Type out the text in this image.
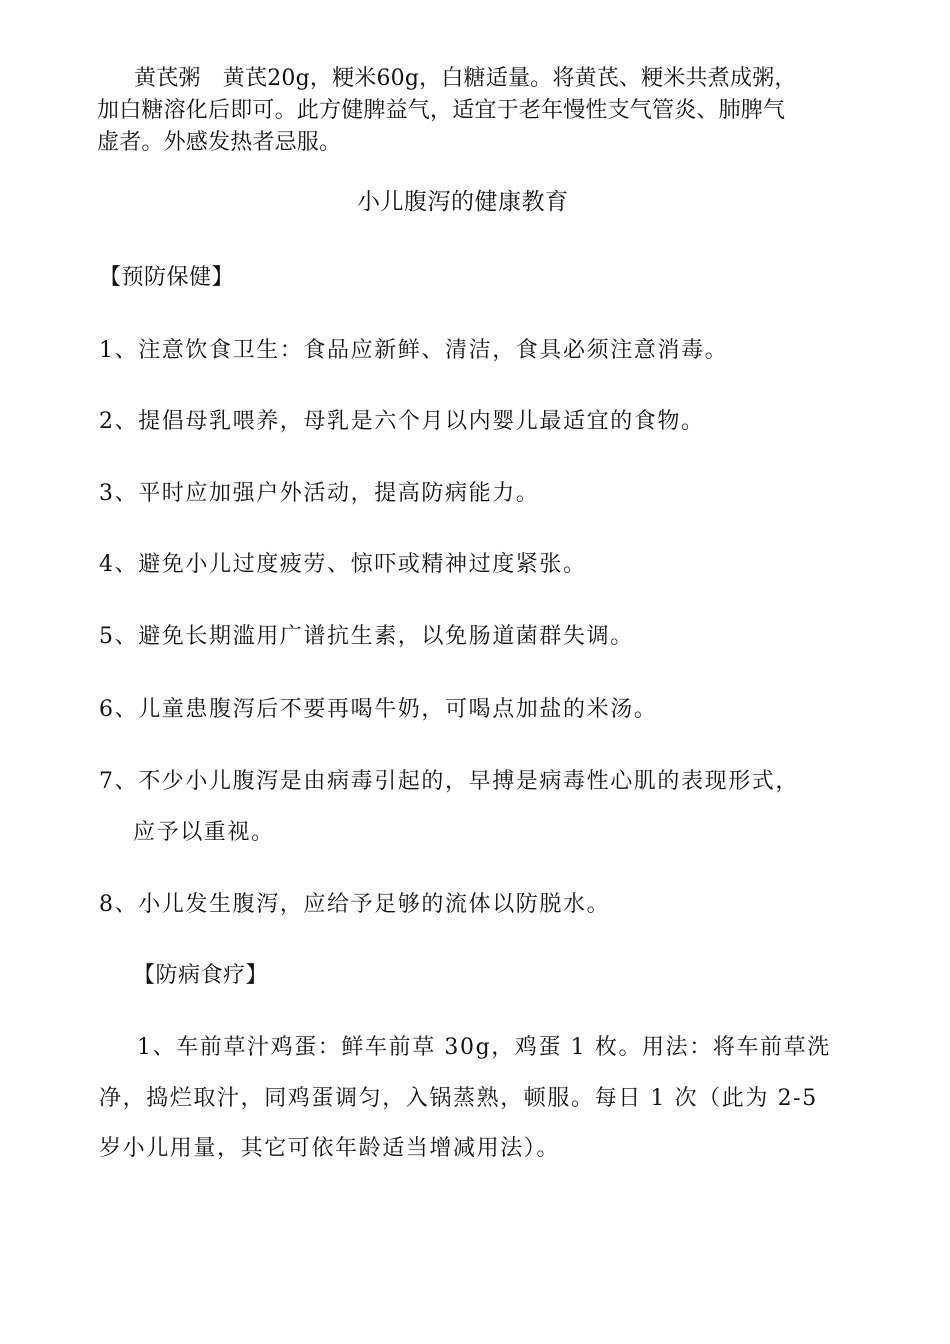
黄芪粥　黄芪20g，粳米60g，白糖适量。将黄芪、粳米共煮成粥，
加白糖溶化后即可。此方健脾益气，适宜于老年慢性支气管炎、肺脾气
虚者。外感发热者忌服。
小儿腹泻的健康教育
【预防保健】
1、注意饮食卫生：食品应新鲜、清洁，食具必须注意消毒。
2、提倡母乳喂养，母乳是六个月以内婴儿最适宜的食物。
3、平时应加强户外活动，提高防病能力。
4、避免小儿过度疲劳、惊吓或精神过度紧张。
5、避免长期滥用广谱抗生素，以免肠道菌群失调。
6、儿童患腹泻后不要再喝牛奶，可喝点加盐的米汤。
7、不少小儿腹泻是由病毒引起的，早搏是病毒性心肌的表现形式，
应予以重视。
8、小儿发生腹泻，应给予足够的流体以防脱水。
【防病食疗】
1、车前草汁鸡蛋：鲜车前草 30g，鸡蛋 1 枚。用法：将车前草洗
净，捣烂取汁，同鸡蛋调匀，入锅蒸熟，顿服。每日 1 次（此为 2-5
岁小儿用量，其它可依年龄适当增减用法）。
